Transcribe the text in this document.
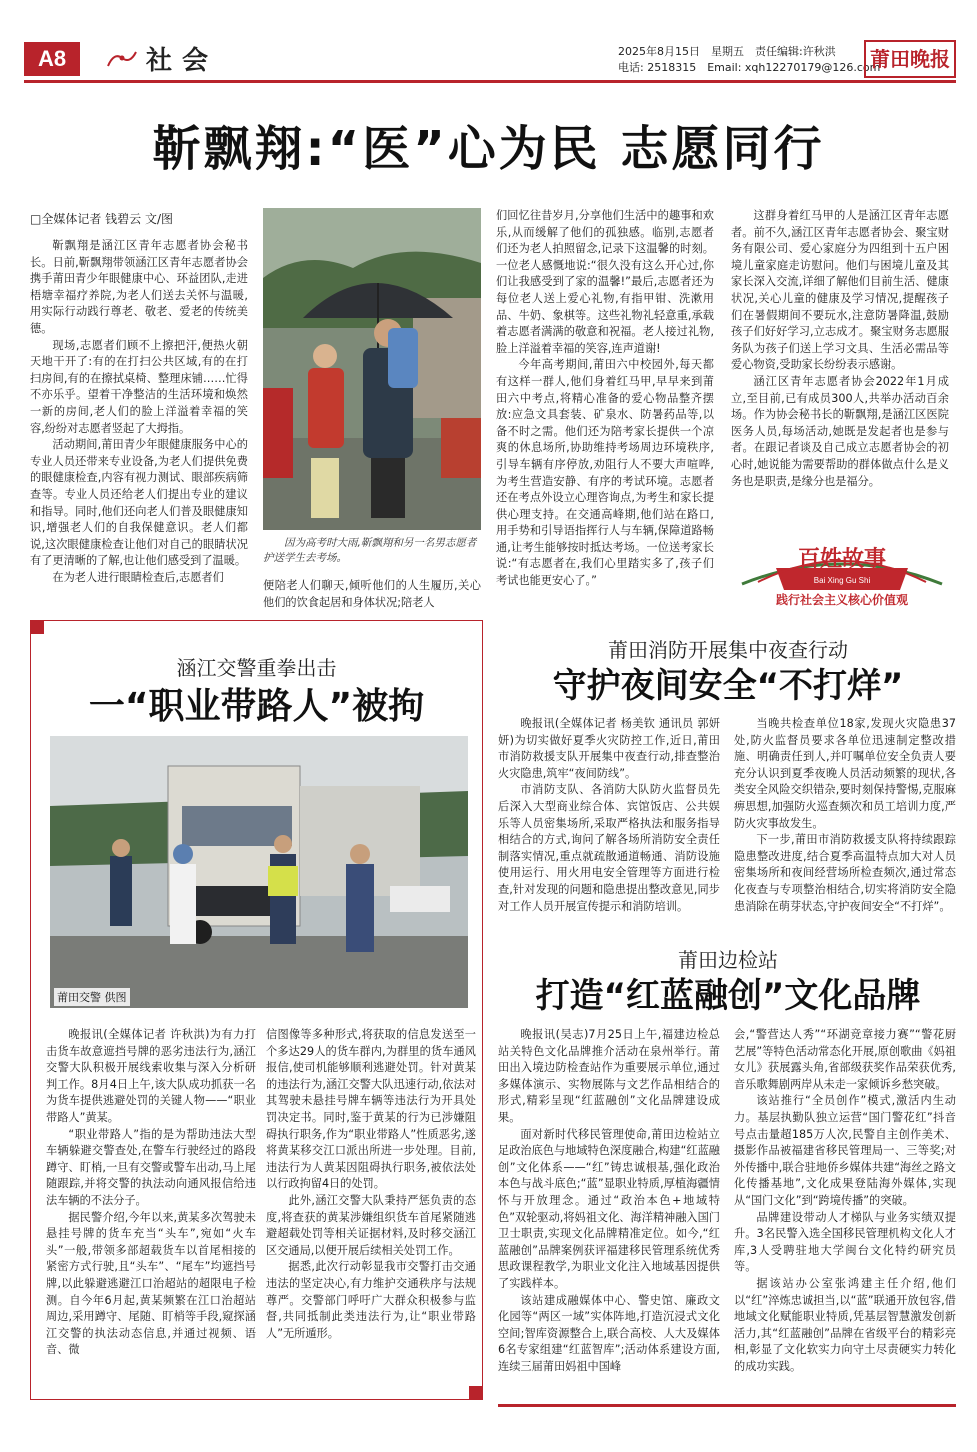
A8	社会	2025年8月15日　星期五　责任编辑:许秋洪
电话: 2518315　Email: xqh12270179@126.com
莆田晚报
靳飘翔:“医”心为民 志愿同行
□全媒体记者 钱碧云 文/图

靳飘翔是涵江区青年志愿者协会秘书长。日前,靳飘翔带领涵江区青年志愿者协会携手莆田青少年眼健康中心、环益团队,走进梧塘幸福疗养院,为老人们送去关怀与温暖,用实际行动践行尊老、敬老、爱老的传统美德。

现场,志愿者们顾不上擦把汗,便热火朝天地干开了:有的在打扫公共区域,有的在打扫房间,有的在擦拭桌椅、整理床铺……忙得不亦乐乎。望着干净整洁的生活环境和焕然一新的房间,老人们的脸上洋溢着幸福的笑容,纷纷对志愿者竖起了大拇指。

活动期间,莆田青少年眼健康服务中心的专业人员还带来专业设备,为老人们提供免费的眼健康检查,内容有视力测试、眼部疾病筛查等。专业人员还给老人们提出专业的建议和指导。同时,他们还向老人们普及眼健康知识,增强老人们的自我保健意识。老人们都说,这次眼健康检查让他们对自己的眼睛状况有了更清晰的了解,也让他们感受到了温暖。

在为老人进行眼睛检查后,志愿者们

因为高考时大雨,靳飘翔和另一名男志愿者护送学生去考场。

便陪老人们聊天,倾听他们的人生履历,关心他们的饮食起居和身体状况;陪老人

们回忆往昔岁月,分享他们生活中的趣事和欢乐,从而缓解了他们的孤独感。临别,志愿者们还为老人拍照留念,记录下这温馨的时刻。一位老人感慨地说:“很久没有这么开心过,你们让我感受到了家的温馨!”最后,志愿者还为每位老人送上爱心礼物,有指甲钳、洗漱用品、牛奶、象棋等。这些礼物礼轻意重,承载着志愿者满满的敬意和祝福。老人接过礼物,脸上洋溢着幸福的笑容,连声道谢!

今年高考期间,莆田六中校园外,每天都有这样一群人,他们身着红马甲,早早来到莆田六中考点,将精心准备的爱心物品整齐摆放:应急文具套装、矿泉水、防暑药品等,以备不时之需。他们还为陪考家长提供一个凉爽的休息场所,协助维持考场周边环境秩序,引导车辆有序停放,劝阻行人不要大声喧哗,为考生营造安静、有序的考试环境。志愿者还在考点外设立心理咨询点,为考生和家长提供心理支持。在交通高峰期,他们站在路口,用手势和引导语指挥行人与车辆,保障道路畅通,让考生能够按时抵达考场。一位送考家长说:“有志愿者在,我们心里踏实多了,孩子们考试也能更安心了。”

这群身着红马甲的人是涵江区青年志愿者。前不久,涵江区青年志愿者协会、聚宝财务有限公司、爱心家庭分为四组到十五户困境儿童家庭走访慰问。他们与困境儿童及其家长深入交流,详细了解他们目前生活、健康状况,关心儿童的健康及学习情况,提醒孩子们在暑假期间不要玩水,注意防暑降温,鼓励孩子们好好学习,立志成才。聚宝财务志愿服务队为孩子们送上学习文具、生活必需品等爱心物资,受助家长纷纷表示感谢。

涵江区青年志愿者协会2022年1月成立,至目前,已有成员300人,共举办活动百余场。作为协会秘书长的靳飘翔,是涵江区医院医务人员,每场活动,她既是发起者也是参与者。在跟记者谈及自己成立志愿者协会的初心时,她说能为需要帮助的群体做点什么是义务也是职责,是缘分也是福分。

百姓故事
Bai Xing Gu Shi
践行社会主义核心价值观
涵江交警重拳出击
一“职业带路人”被拘
莆田交警 供图

晚报讯(全媒体记者 许秋洪)为有力打击货车故意遮挡号牌的恶劣违法行为,涵江交警大队积极开展线索收集与深入分析研判工作。8月4日上午,该大队成功抓获一名为货车提供逃避处罚的关键人物——“职业带路人”黄某。

“职业带路人”指的是为帮助违法大型车辆躲避交警查处,在警车行驶经过的路段蹲守、盯梢,一旦有交警或警车出动,马上尾随跟踪,并将交警的执法动向通风报信给违法车辆的不法分子。

据民警介绍,今年以来,黄某多次驾驶未悬挂号牌的货车充当“头车”,宛如“火车头”一般,带领多部超载货车以首尾相接的紧密方式行驶,且“头车”、“尾车”均遮挡号牌,以此躲避逃避江口治超站的超限电子检测。自今年6月起,黄某频繁在江口治超站周边,采用蹲守、尾随、盯梢等手段,窥探涵江交警的执法动态信息,并通过视频、语音、微

信图像等多种形式,将获取的信息发送至一个多达29人的货车群内,为群里的货车通风报信,使司机能够顺利逃避处罚。针对黄某的违法行为,涵江交警大队迅速行动,依法对其驾驶未悬挂号牌车辆等违法行为开具处罚决定书。同时,鉴于黄某的行为已涉嫌阻碍执行职务,作为“职业带路人”性质恶劣,遂将黄某移交江口派出所进一步处理。目前,违法行为人黄某因阻碍执行职务,被依法处以行政拘留4日的处罚。

此外,涵江交警大队秉持严惩负责的态度,将查获的黄某涉嫌组织货车首尾紧随逃避超载处罚等相关证据材料,及时移交涵江区交通局,以便开展后续相关处罚工作。

据悉,此次行动彰显我市交警打击交通违法的坚定决心,有力维护交通秩序与法规尊严。交警部门呼吁广大群众积极参与监督,共同抵制此类违法行为,让“职业带路人”无所遁形。

莆田消防开展集中夜查行动
守护夜间安全“不打烊”

晚报讯(全媒体记者 杨美钦 通讯员 郭妍妍)为切实做好夏季火灾防控工作,近日,莆田市消防救援支队开展集中夜查行动,排查整治火灾隐患,筑牢“夜间防线”。

市消防支队、各消防大队防火监督员先后深入大型商业综合体、宾馆饭店、公共娱乐等人员密集场所,采取严格执法和服务指导相结合的方式,询问了解各场所消防安全责任制落实情况,重点就疏散通道畅通、消防设施使用运行、用火用电安全管理等方面进行检查,针对发现的问题和隐患提出整改意见,同步对工作人员开展宣传提示和消防培训。

当晚共检查单位18家,发现火灾隐患37处,防火监督员要求各单位迅速制定整改措施、明确责任到人,并叮嘱单位安全负责人要充分认识到夏季夜晚人员活动频繁的现状,各类安全风险交织错杂,要时刻保持警惕,克服麻痹思想,加强防火巡查频次和员工培训力度,严防火灾事故发生。

下一步,莆田市消防救援支队将持续跟踪隐患整改进度,结合夏季高温特点加大对人员密集场所和夜间经营场所检查频次,通过常态化夜查与专项整治相结合,切实将消防安全隐患消除在萌芽状态,守护夜间安全“不打烊”。

莆田边检站
打造“红蓝融创”文化品牌

晚报讯(吴志)7月25日上午,福建边检总站关特色文化品牌推介活动在泉州举行。莆田出入境边防检查站作为重要展示单位,通过多媒体演示、实物展陈与文艺作品相结合的形式,精彩呈现“红蓝融创”文化品牌建设成果。

面对新时代移民管理使命,莆田边检站立足政治底色与地域特色深度融合,构建“红蓝融创”文化体系——“红”铸忠诚根基,强化政治本色与战斗底色;“蓝”显职业特质,厚植海疆情怀与开放理念。通过“政治本色+地域特色”双轮驱动,将妈祖文化、海洋精神融入国门卫士职责,实现文化品牌精准定位。如今,“红蓝融创”品牌案例获评福建移民管理系统优秀思政课程教学,为职业文化注入地域基因提供了实践样本。

该站建成融媒体中心、警史馆、廉政文化园等“两区一域”实体阵地,打造沉浸式文化空间;智库资源整合上,联合高校、人大及媒体6名专家组建“红蓝智库”;活动体系建设方面,连续三届莆田妈祖中国峰

会,“警营达人秀”“环湖竞章接力赛”“警花厨艺展”等特色活动常态化开展,原创歌曲《妈祖女儿》获展露头角,省部级获奖作品荣获优秀,音乐歌舞剧两岸从未走一家倾诉乡愁突破。

该站推行“全员创作”模式,激活内生动力。基层执勤队独立运营“国门警花红”抖音号点击量超185万人次,民警自主创作美术、摄影作品被福建省移民管理局一、三等奖;对外传播中,联合驻地侨乡媒体共建“海丝之路文化传播基地”,文化成果登陆海外媒体,实现从“国门文化”到“跨境传播”的突破。

品牌建设带动人才梯队与业务实绩双提升。3名民警入选全国移民管理机构文化人才库,3人受聘驻地大学闽台文化特约研究员等。

据该站办公室张鸿建主任介绍,他们以“红”淬炼忠诚担当,以“蓝”联通开放包容,借地域文化赋能职业特质,凭基层智慧激发创新活力,其“红蓝融创”品牌在省级平台的精彩亮相,彰显了文化软实力向守土尽责硬实力转化的成功实践。
